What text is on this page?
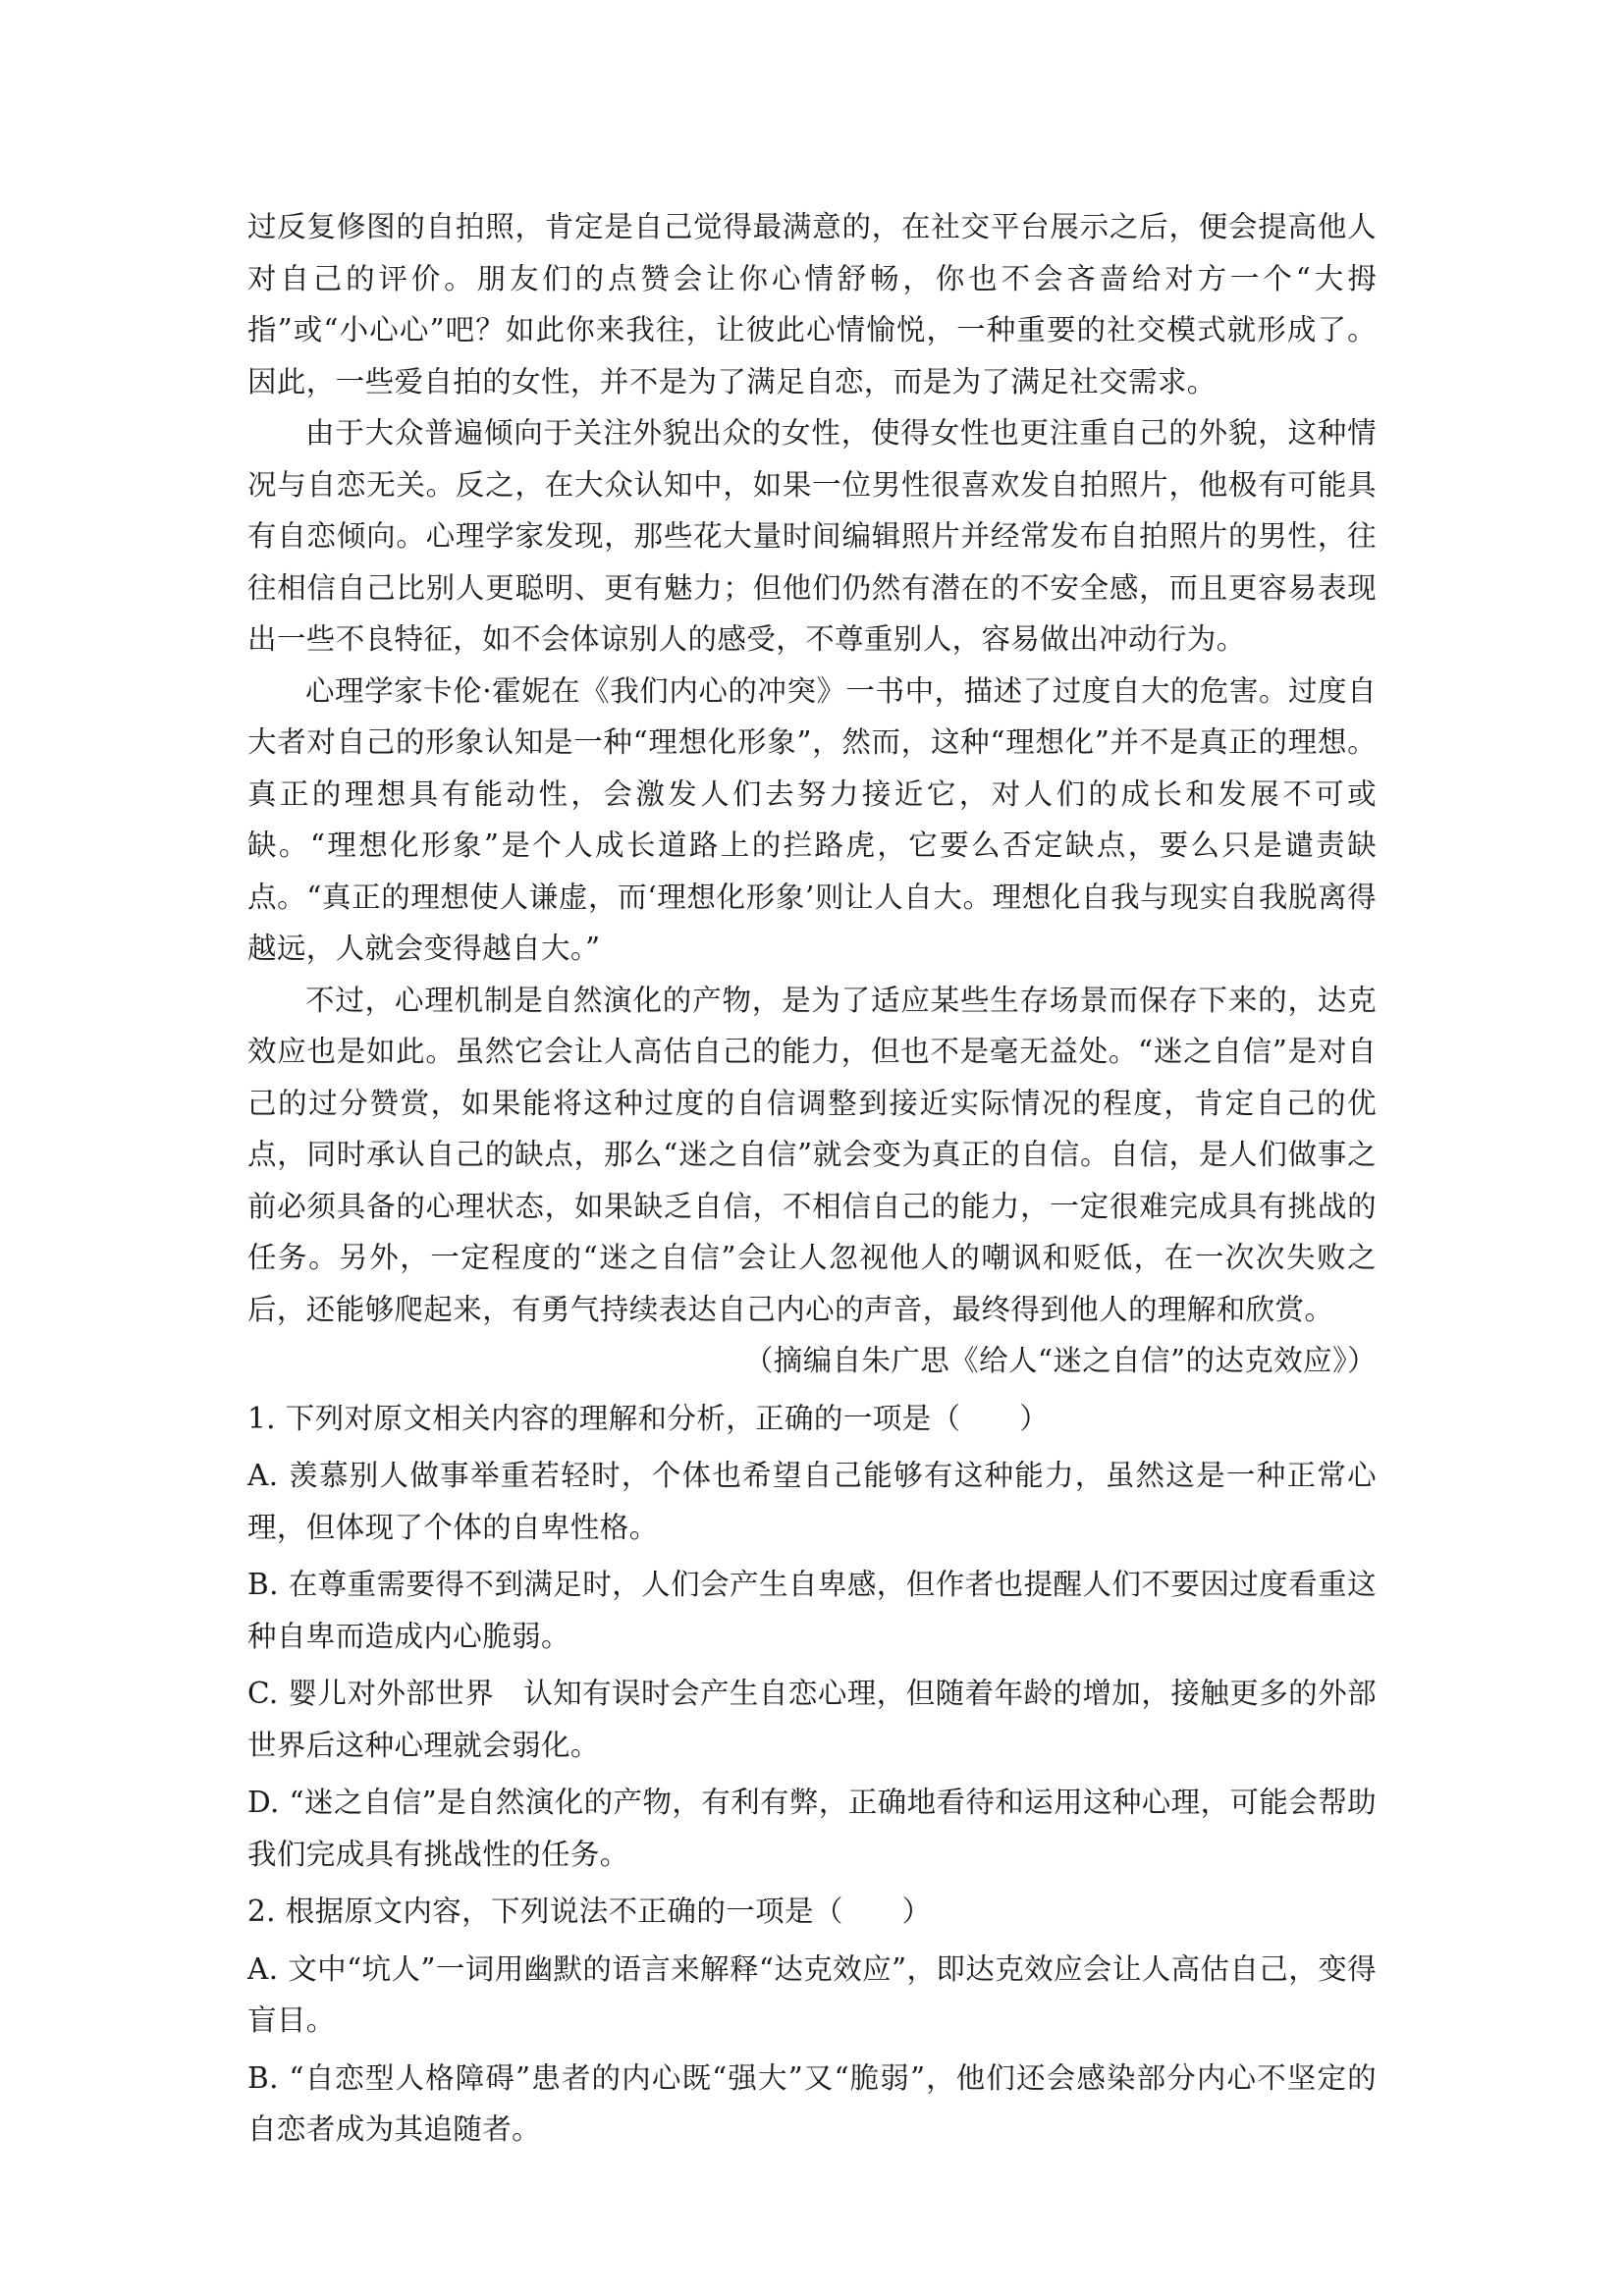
过反复修图的自拍照，肯定是自己觉得最满意的，在社交平台展示之后，便会提高他人对自己的评价。朋友们的点赞会让你心情舒畅，你也不会吝啬给对方一个“大拇指”或“小心心”吧？如此你来我往，让彼此心情愉悦，一种重要的社交模式就形成了。因此，一些爱自拍的女性，并不是为了满足自恋，而是为了满足社交需求。

由于大众普遍倾向于关注外貌出众的女性，使得女性也更注重自己的外貌，这种情况与自恋无关。反之，在大众认知中，如果一位男性很喜欢发自拍照片，他极有可能具有自恋倾向。心理学家发现，那些花大量时间编辑照片并经常发布自拍照片的男性，往往相信自己比别人更聪明、更有魅力；但他们仍然有潜在的不安全感，而且更容易表现出一些不良特征，如不会体谅别人的感受，不尊重别人，容易做出冲动行为。

心理学家卡伦·霍妮在《我们内心的冲突》一书中，描述了过度自大的危害。过度自大者对自己的形象认知是一种“理想化形象”，然而，这种“理想化”并不是真正的理想。真正的理想具有能动性，会激发人们去努力接近它，对人们的成长和发展不可或缺。“理想化形象”是个人成长道路上的拦路虎，它要么否定缺点，要么只是谴责缺点。“真正的理想使人谦虚，而‘理想化形象’则让人自大。理想化自我与现实自我脱离得越远，人就会变得越自大。”

不过，心理机制是自然演化的产物，是为了适应某些生存场景而保存下来的，达克效应也是如此。虽然它会让人高估自己的能力，但也不是毫无益处。“迷之自信”是对自己的过分赞赏，如果能将这种过度的自信调整到接近实际情况的程度，肯定自己的优点，同时承认自己的缺点，那么“迷之自信”就会变为真正的自信。自信，是人们做事之前必须具备的心理状态，如果缺乏自信，不相信自己的能力，一定很难完成具有挑战的任务。另外，一定程度的“迷之自信”会让人忽视他人的嘲讽和贬低，在一次次失败之后，还能够爬起来，有勇气持续表达自己内心的声音，最终得到他人的理解和欣赏。

（摘编自朱广思《给人“迷之自信”的达克效应》）

1. 下列对原文相关内容的理解和分析，正确的一项是（　　）

A. 羡慕别人做事举重若轻时，个体也希望自己能够有这种能力，虽然这是一种正常心理，但体现了个体的自卑性格。

B. 在尊重需要得不到满足时，人们会产生自卑感，但作者也提醒人们不要因过度看重这种自卑而造成内心脆弱。

C. 婴儿对外部世界　认知有误时会产生自恋心理，但随着年龄的增加，接触更多的外部世界后这种心理就会弱化。

D. “迷之自信”是自然演化的产物，有利有弊，正确地看待和运用这种心理，可能会帮助我们完成具有挑战性的任务。

2. 根据原文内容，下列说法不正确的一项是（　　）

A. 文中“坑人”一词用幽默的语言来解释“达克效应”，即达克效应会让人高估自己，变得盲目。

B. “自恋型人格障碍”患者的内心既“强大”又“脆弱”，他们还会感染部分内心不坚定的自恋者成为其追随者。
